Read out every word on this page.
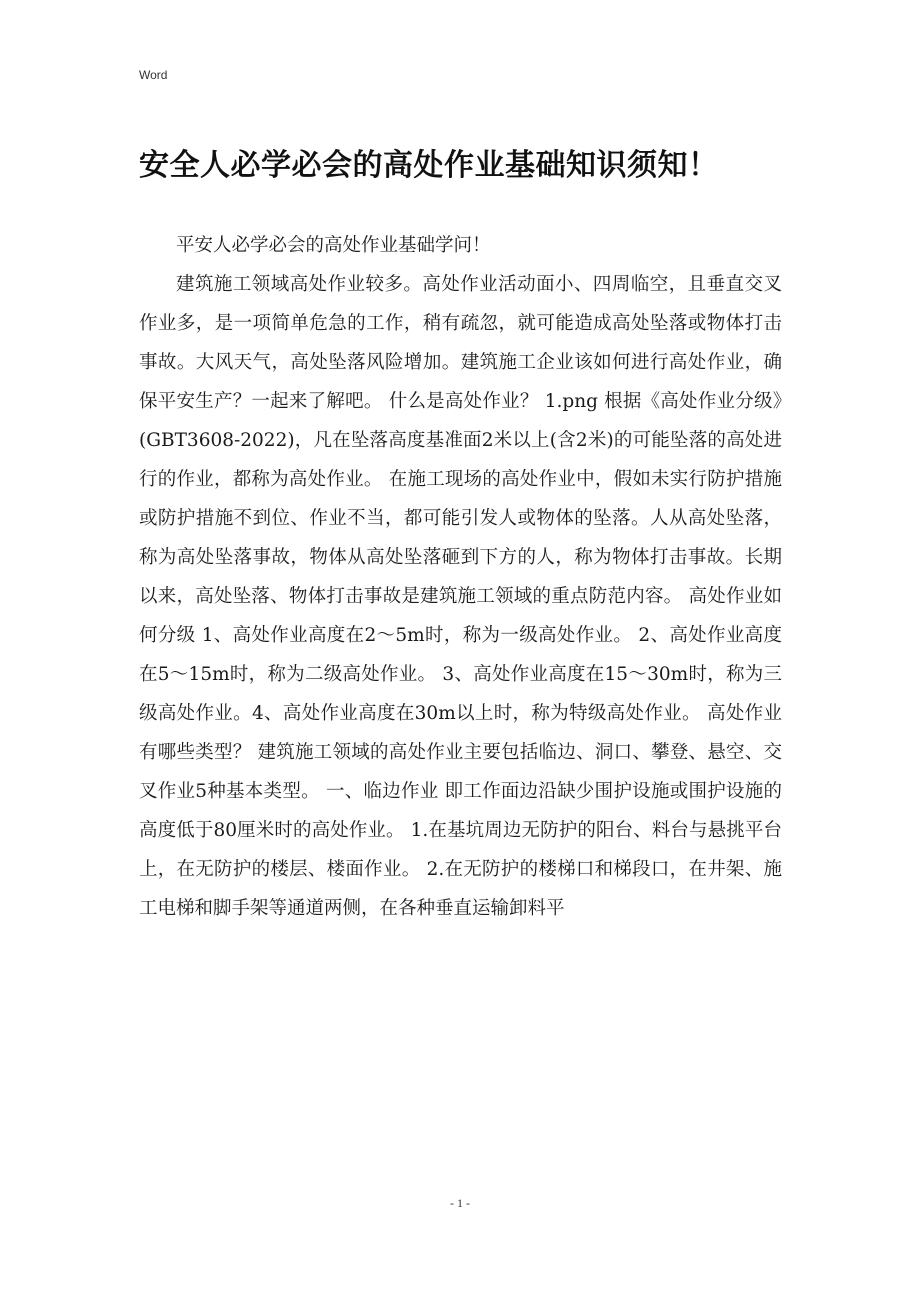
Word
安全人必学必会的高处作业基础知识须知！

平安人必学必会的高处作业基础学问！

建筑施工领域高处作业较多。高处作业活动面小、四周临空，且垂直交叉作业多，是一项简单危急的工作，稍有疏忽，就可能造成高处坠落或物体打击事故。大风天气，高处坠落风险增加。建筑施工企业该如何进行高处作业，确保平安生产？一起来了解吧。 什么是高处作业？ 1.png 根据《高处作业分级》(GBT3608-2022)，凡在坠落高度基准面2米以上(含2米)的可能坠落的高处进行的作业，都称为高处作业。 在施工现场的高处作业中，假如未实行防护措施或防护措施不到位、作业不当，都可能引发人或物体的坠落。人从高处坠落，称为高处坠落事故，物体从高处坠落砸到下方的人，称为物体打击事故。长期以来，高处坠落、物体打击事故是建筑施工领域的重点防范内容。 高处作业如何分级 1、高处作业高度在2～5m时，称为一级高处作业。 2、高处作业高度在5～15m时，称为二级高处作业。 3、高处作业高度在15～30m时，称为三级高处作业。4、高处作业高度在30m以上时，称为特级高处作业。 高处作业有哪些类型？ 建筑施工领域的高处作业主要包括临边、洞口、攀登、悬空、交叉作业5种基本类型。 一、临边作业 即工作面边沿缺少围护设施或围护设施的高度低于80厘米时的高处作业。 1.在基坑周边无防护的阳台、料台与悬挑平台上，在无防护的楼层、楼面作业。 2.在无防护的楼梯口和梯段口，在井架、施工电梯和脚手架等通道两侧，在各种垂直运输卸料平

- 1 -
